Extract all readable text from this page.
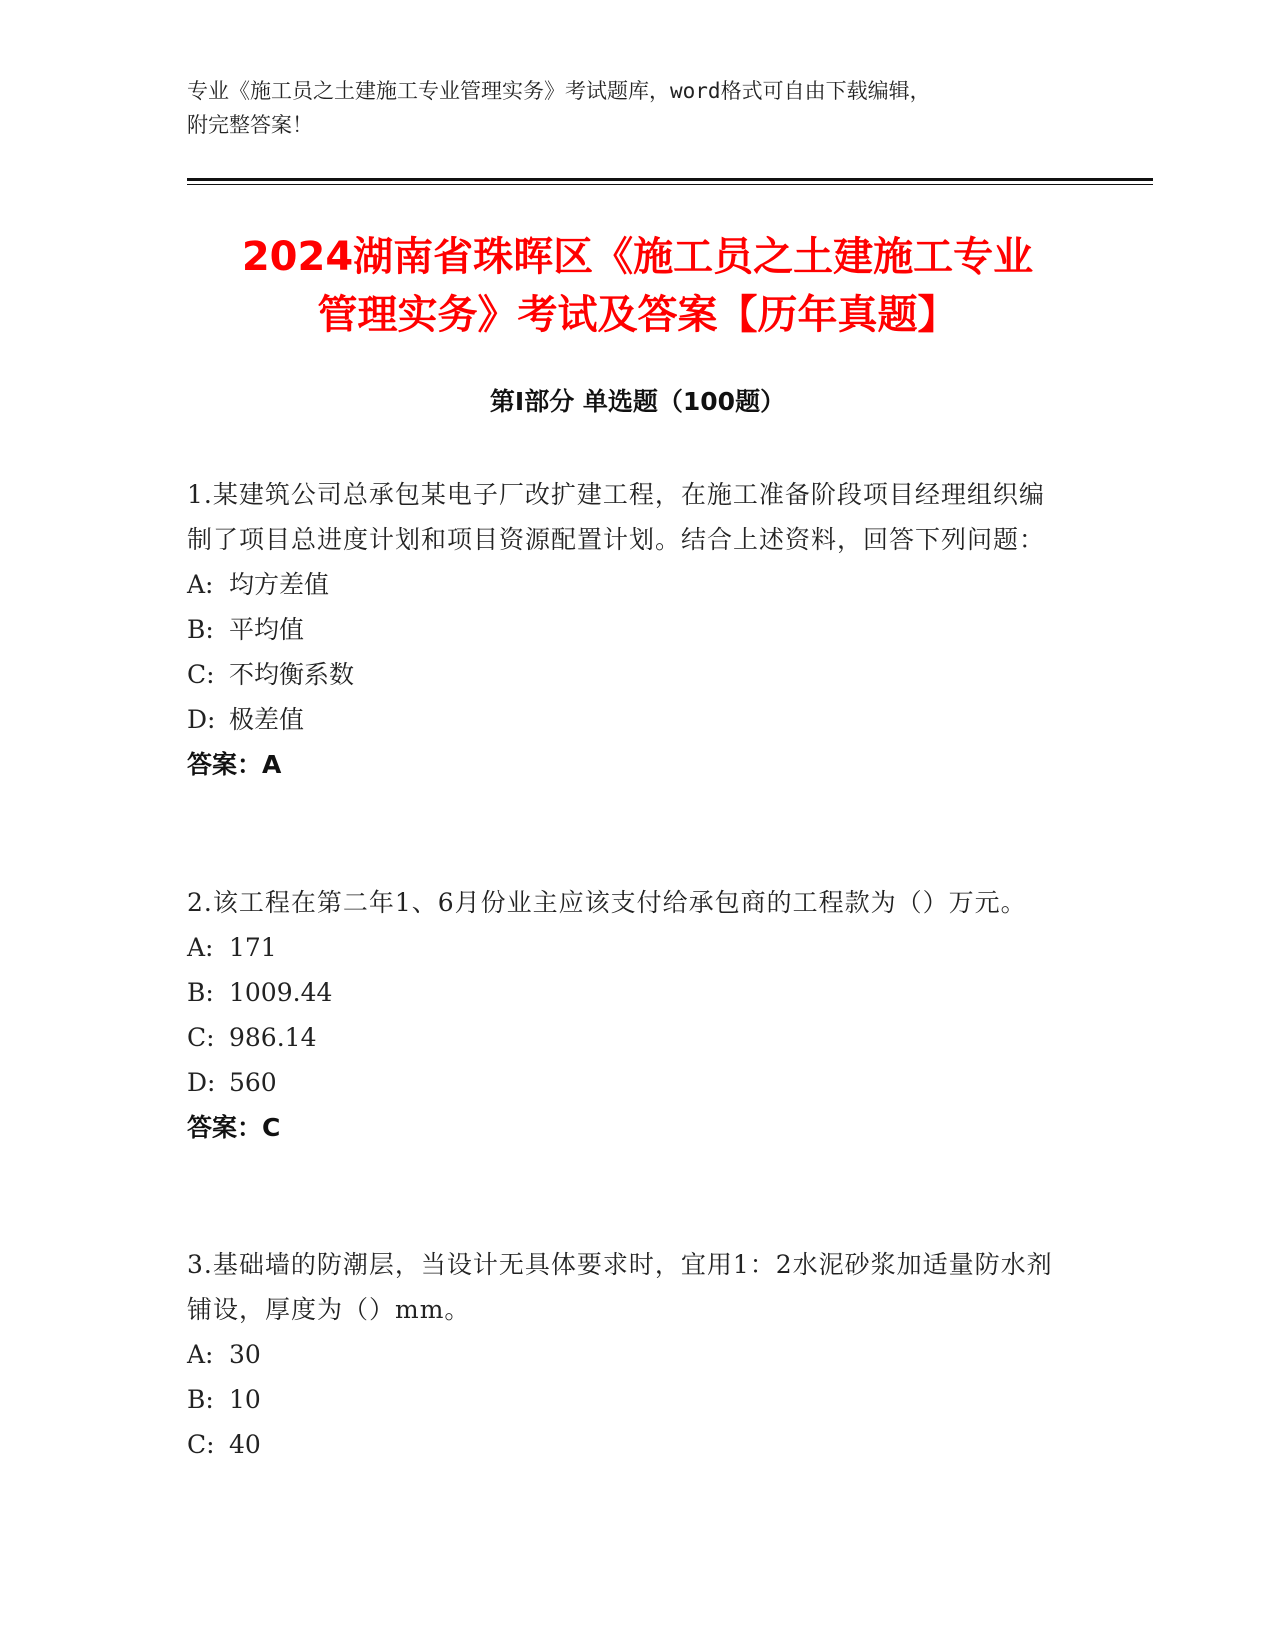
专业《施工员之土建施工专业管理实务》考试题库，word格式可自由下载编辑，
附完整答案！
2024湖南省珠晖区《施工员之土建施工专业
管理实务》考试及答案【历年真题】
第I部分 单选题（100题）
1.某建筑公司总承包某电子厂改扩建工程，在施工准备阶段项目经理组织编制了项目总进度计划和项目资源配置计划。结合上述资料，回答下列问题：
A: 均方差值
B: 平均值
C: 不均衡系数
D: 极差值
答案：A
2.该工程在第二年1、6月份业主应该支付给承包商的工程款为（）万元。
A: 171
B: 1009.44
C: 986.14
D: 560
答案：C
3.基础墙的防潮层，当设计无具体要求时，宜用1：2水泥砂浆加适量防水剂铺设，厚度为（）mm。
A: 30
B: 10
C: 40
